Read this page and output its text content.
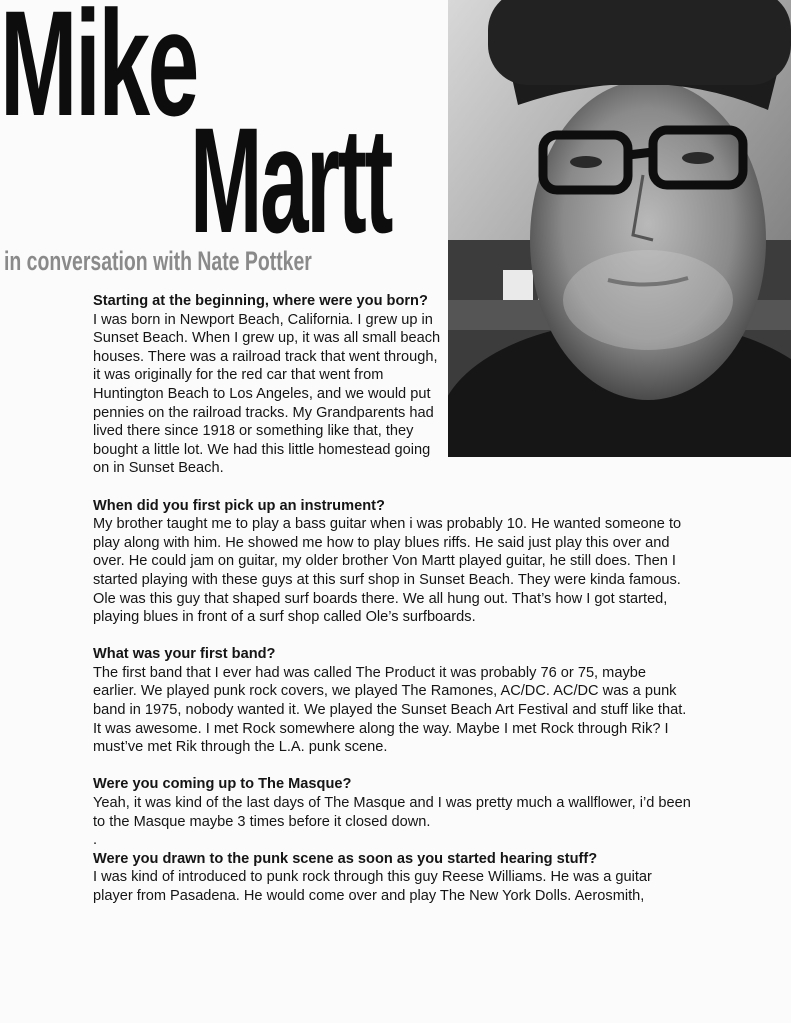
Mike
Martt
in conversation with Nate Pottker

Starting at the beginning, where were you born?

I was born in Newport Beach, California. I grew up in Sunset Beach. When I grew up, it was all small beach houses. There was a railroad track that went through, it was originally for the red car that went from Huntington Beach to Los Angeles, and we would put pennies on the railroad tracks. My Grandparents had lived there since 1918 or something like that, they bought a little lot. We had this little homestead going on in Sunset Beach.

When did you first pick up an instrument?

My brother taught me to play a bass guitar when i was probably 10. He wanted someone to play along with him. He showed me how to play blues riffs. He said just play this over and over. He could jam on guitar, my older brother Von Martt played guitar, he still does. Then I started playing with these guys at this surf shop in Sunset Beach. They were kinda famous. Ole was this guy that shaped surf boards there. We all hung out. That’s how I got started, playing blues in front of a surf shop called Ole’s surfboards.

What was your first band?

The first band that I ever had was called The Product it was probably 76 or 75, maybe earlier. We played punk rock covers, we played The Ramones, AC/DC. AC/DC was a punk band in 1975, nobody wanted it. We played the Sunset Beach Art Festival and stuff like that. It was awesome. I met Rock somewhere along the way. Maybe I met Rock through Rik? I must’ve met Rik through the L.A. punk scene.

Were you coming up to The Masque?

Yeah, it was kind of the last days of The Masque and I was pretty much a wallflower, i’d been to the Masque maybe 3 times before it closed down.

.

Were you drawn to the punk scene as soon as you started hearing stuff?

I was kind of introduced to punk rock through this guy Reese Williams. He was a guitar player from Pasadena. He would come over and play The New York Dolls. Aerosmith,
